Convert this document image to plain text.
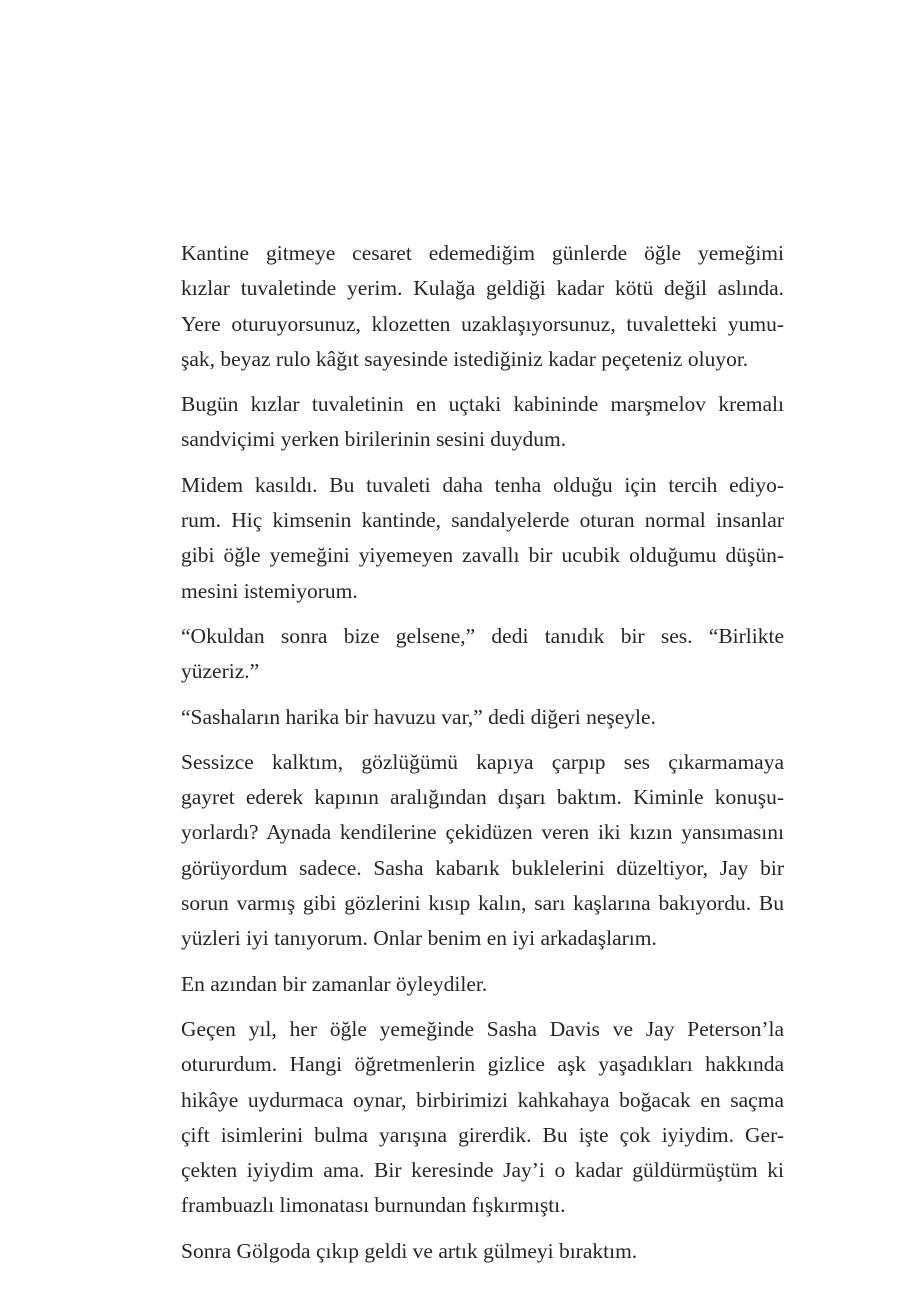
Kantine gitmeye cesaret edemediğim günlerde öğle yemeğimi
kızlar tuvaletinde yerim. Kulağa geldiği kadar kötü değil aslında.
Yere oturuyorsunuz, klozetten uzaklaşıyorsunuz, tuvaletteki yumu-
şak, beyaz rulo kâğıt sayesinde istediğiniz kadar peçeteniz oluyor.

Bugün kızlar tuvaletinin en uçtaki kabininde marşmelov kremalı
sandviçimi yerken birilerinin sesini duydum.

Midem kasıldı. Bu tuvaleti daha tenha olduğu için tercih ediyo-
rum. Hiç kimsenin kantinde, sandalyelerde oturan normal insanlar
gibi öğle yemeğini yiyemeyen zavallı bir ucubik olduğumu düşün-
mesini istemiyorum.

“Okuldan sonra bize gelsene,” dedi tanıdık bir ses. “Birlikte
yüzeriz.”

“Sashaların harika bir havuzu var,” dedi diğeri neşeyle.

Sessizce kalktım, gözlüğümü kapıya çarpıp ses çıkarmamaya
gayret ederek kapının aralığından dışarı baktım. Kiminle konuşu-
yorlardı? Aynada kendilerine çekidüzen veren iki kızın yansımasını
görüyordum sadece. Sasha kabarık buklelerini düzeltiyor, Jay bir
sorun varmış gibi gözlerini kısıp kalın, sarı kaşlarına bakıyordu. Bu
yüzleri iyi tanıyorum. Onlar benim en iyi arkadaşlarım.

En azından bir zamanlar öyleydiler.

Geçen yıl, her öğle yemeğinde Sasha Davis ve Jay Peterson’la
otururdum. Hangi öğretmenlerin gizlice aşk yaşadıkları hakkında
hikâye uydurmaca oynar, birbirimizi kahkahaya boğacak en saçma
çift isimlerini bulma yarışına girerdik. Bu işte çok iyiydim. Ger-
çekten iyiydim ama. Bir keresinde Jay’i o kadar güldürmüştüm ki
frambuazlı limonatası burnundan fışkırmıştı.

Sonra Gölgoda çıkıp geldi ve artık gülmeyi bıraktım.
